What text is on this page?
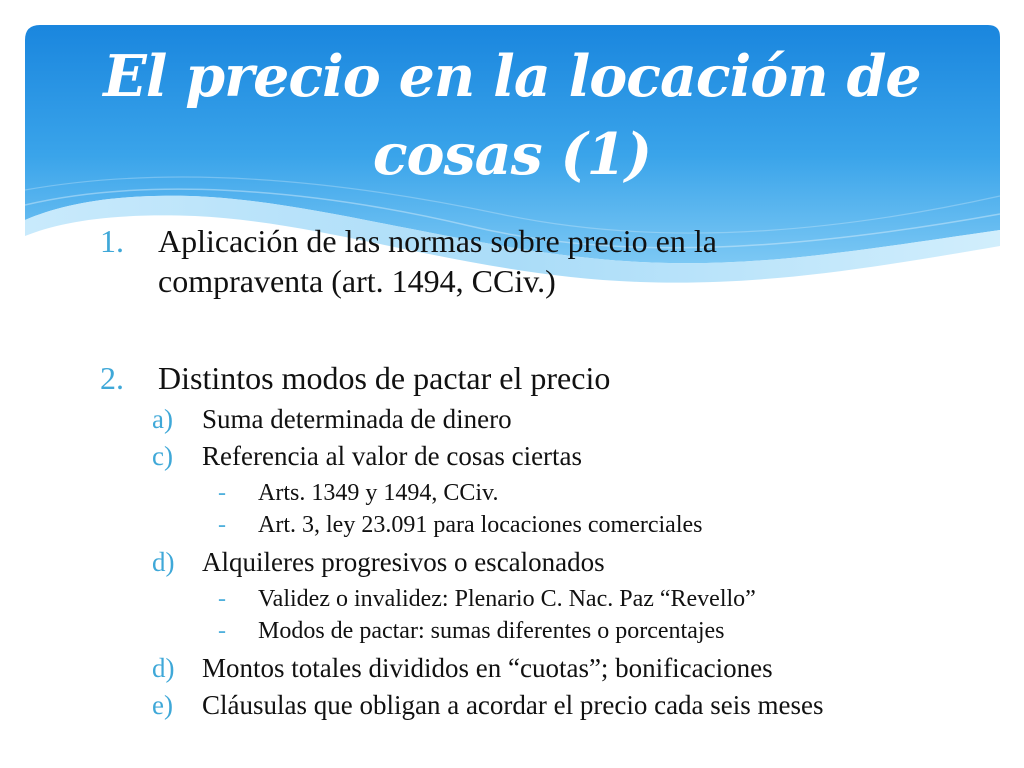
El precio en la locación de
cosas (1)
1. Aplicación de las normas sobre precio en la
compraventa (art. 1494, CCiv.)
2. Distintos modos de pactar el precio
a) Suma determinada de dinero
c) Referencia al valor de cosas ciertas
- Arts. 1349 y 1494, CCiv.
- Art. 3, ley 23.091 para locaciones comerciales
d) Alquileres progresivos o escalonados
- Validez o invalidez: Plenario C. Nac. Paz “Revello”
- Modos de pactar: sumas diferentes o porcentajes
d) Montos totales divididos en “cuotas”; bonificaciones
e) Cláusulas que obligan a acordar el precio cada seis meses
